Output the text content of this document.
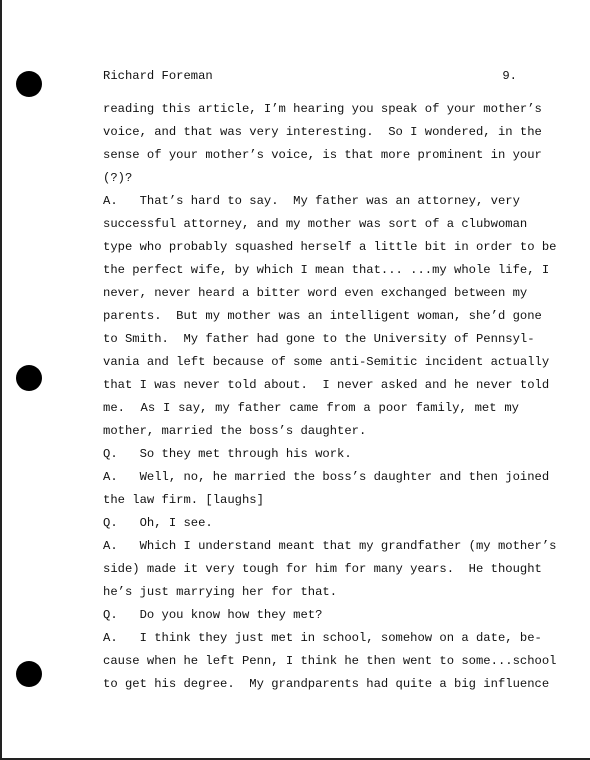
Richard Foreman	9.
reading this article, I’m hearing you speak of your mother’s
voice, and that was very interesting.  So I wondered, in the
sense of your mother’s voice, is that more prominent in your
(?)?
A.   That’s hard to say.  My father was an attorney, very
successful attorney, and my mother was sort of a clubwoman
type who probably squashed herself a little bit in order to be
the perfect wife, by which I mean that... ...my whole life, I
never, never heard a bitter word even exchanged between my
parents.  But my mother was an intelligent woman, she’d gone
to Smith.  My father had gone to the University of Pennsyl-
vania and left because of some anti-Semitic incident actually
that I was never told about.  I never asked and he never told
me.  As I say, my father came from a poor family, met my
mother, married the boss’s daughter.
Q.   So they met through his work.
A.   Well, no, he married the boss’s daughter and then joined
the law firm. [laughs]
Q.   Oh, I see.
A.   Which I understand meant that my grandfather (my mother’s
side) made it very tough for him for many years.  He thought
he’s just marrying her for that.
Q.   Do you know how they met?
A.   I think they just met in school, somehow on a date, be-
cause when he left Penn, I think he then went to some...school
to get his degree.  My grandparents had quite a big influence
